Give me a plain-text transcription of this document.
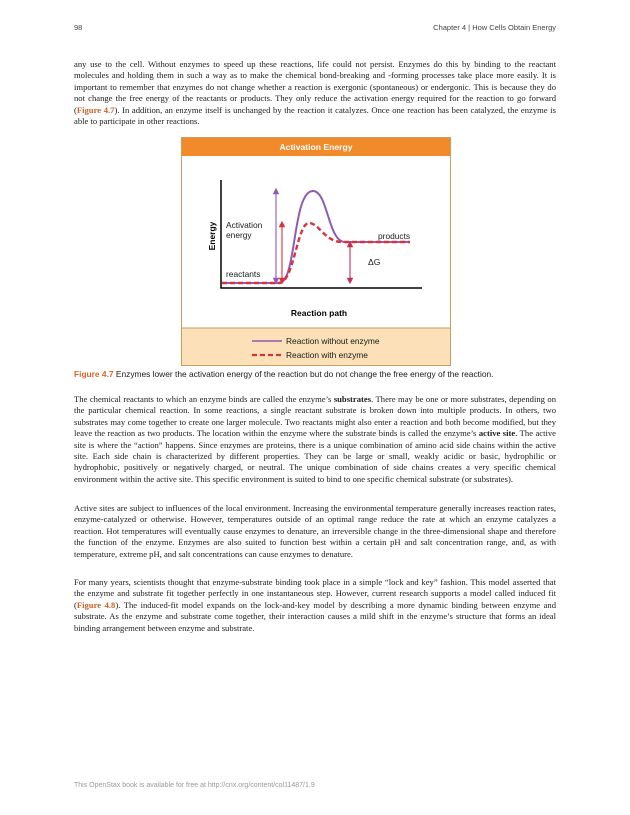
98	Chapter 4 | How Cells Obtain Energy

any use to the cell. Without enzymes to speed up these reactions, life could not persist. Enzymes do this by binding to the reactant molecules and holding them in such a way as to make the chemical bond-breaking and -forming processes take place more easily. It is important to remember that enzymes do not change whether a reaction is exergonic (spontaneous) or endergonic. This is because they do not change the free energy of the reactants or products. They only reduce the activation energy required for the reaction to go forward (Figure 4.7). In addition, an enzyme itself is unchanged by the reaction it catalyzes. Once one reaction has been catalyzed, the enzyme is able to participate in other reactions.

Activation Energy
Energy
Reaction path
Activation
energy
reactants
products
ΔG
Reaction without enzyme
Reaction with enzyme
Figure 4.7 Enzymes lower the activation energy of the reaction but do not change the free energy of the reaction.

The chemical reactants to which an enzyme binds are called the enzyme’s substrates. There may be one or more substrates, depending on the particular chemical reaction. In some reactions, a single reactant substrate is broken down into multiple products. In others, two substrates may come together to create one larger molecule. Two reactants might also enter a reaction and both become modified, but they leave the reaction as two products. The location within the enzyme where the substrate binds is called the enzyme’s active site. The active site is where the “action” happens. Since enzymes are proteins, there is a unique combination of amino acid side chains within the active site. Each side chain is characterized by different properties. They can be large or small, weakly acidic or basic, hydrophilic or hydrophobic, positively or negatively charged, or neutral. The unique combination of side chains creates a very specific chemical environment within the active site. This specific environment is suited to bind to one specific chemical substrate (or substrates).

Active sites are subject to influences of the local environment. Increasing the environmental temperature generally increases reaction rates, enzyme-catalyzed or otherwise. However, temperatures outside of an optimal range reduce the rate at which an enzyme catalyzes a reaction. Hot temperatures will eventually cause enzymes to denature, an irreversible change in the three-dimensional shape and therefore the function of the enzyme. Enzymes are also suited to function best within a certain pH and salt concentration range, and, as with temperature, extreme pH, and salt concentrations can cause enzymes to denature.

For many years, scientists thought that enzyme-substrate binding took place in a simple “lock and key” fashion. This model asserted that the enzyme and substrate fit together perfectly in one instantaneous step. However, current research supports a model called induced fit (Figure 4.8). The induced-fit model expands on the lock-and-key model by describing a more dynamic binding between enzyme and substrate. As the enzyme and substrate come together, their interaction causes a mild shift in the enzyme’s structure that forms an ideal binding arrangement between enzyme and substrate.

This OpenStax book is available for free at http://cnx.org/content/col11487/1.9
